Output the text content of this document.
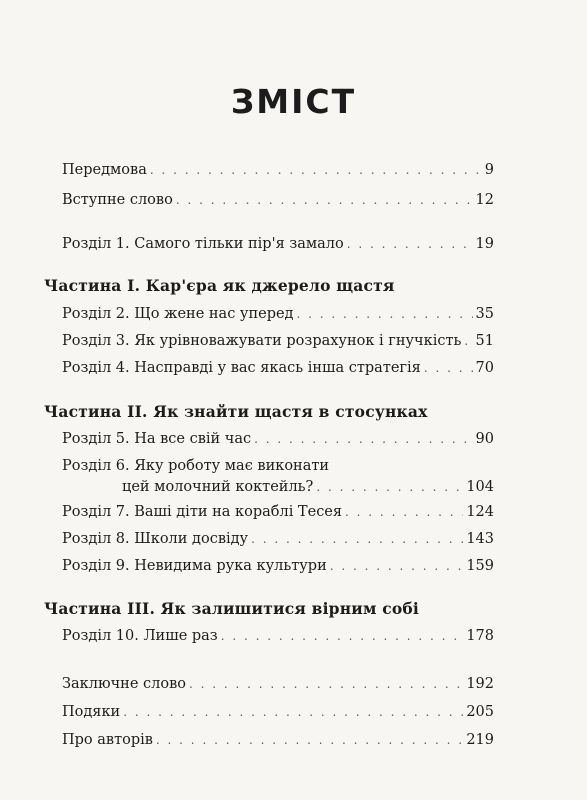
ЗМІСТ
Передмова . . .	9
Вступне слово . . .	12
Розділ 1. Самого тільки пір'я замало . . .	19
Частина I. Кар'єра як джерело щастя
Розділ 2. Що жене нас уперед . . .	35
Розділ 3. Як урівноважувати розрахунок і гнучкість . . . 51
Розділ 4. Насправді у вас якась інша стратегія . . .	70
Частина II. Як знайти щастя в стосунках
Розділ 5. На все свій час . . .	90
Розділ 6. Яку роботу має виконати
цей молочний коктейль? . . .	104
Розділ 7. Ваші діти на кораблі Тесея . . .	124
Розділ 8. Школи досвіду . . .	143
Розділ 9. Невидима рука культури . . .	159
Частина III. Як залишитися вірним собі
Розділ 10. Лише раз . . .	178
Заключне слово . . .	192
Подяки . . .	205
Про авторів . . .	219
